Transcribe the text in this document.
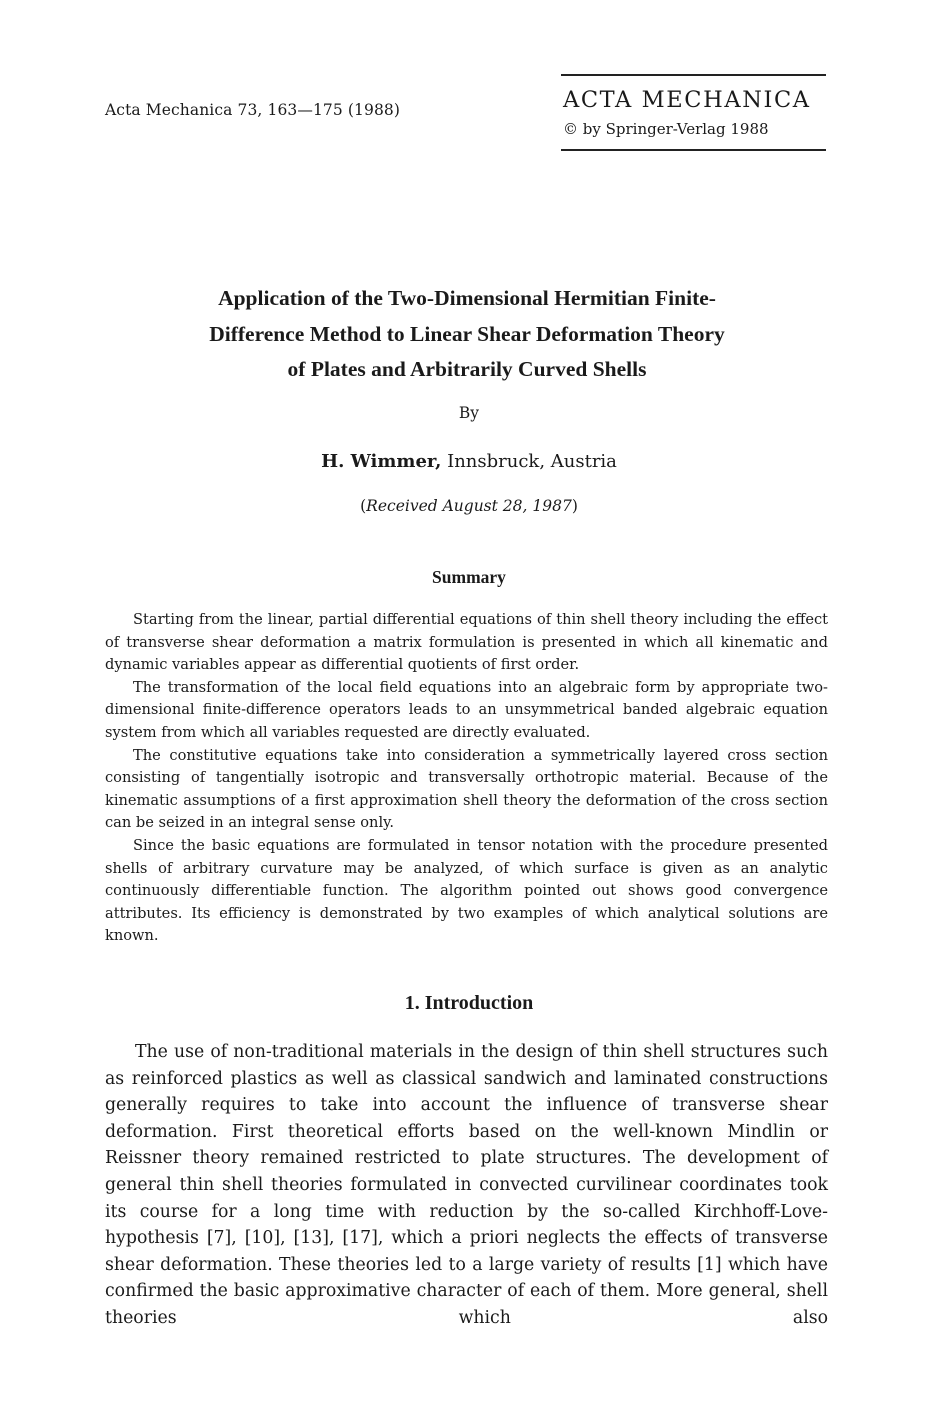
Acta Mechanica 73, 163—175 (1988)	ACTA MECHANICA
© by Springer-Verlag 1988
Application of the Two-Dimensional Hermitian Finite-
Difference Method to Linear Shear Deformation Theory
of Plates and Arbitrarily Curved Shells
By
H. Wimmer, Innsbruck, Austria
(Received August 28, 1987)
Summary

Starting from the linear, partial differential equations of thin shell theory including the effect of transverse shear deformation a matrix formulation is presented in which all kinematic and dynamic variables appear as differential quotients of first order.

The transformation of the local field equations into an algebraic form by appropriate two-dimensional finite-difference operators leads to an unsymmetrical banded algebraic equation system from which all variables requested are directly evaluated.

The constitutive equations take into consideration a symmetrically layered cross section consisting of tangentially isotropic and transversally orthotropic material. Because of the kinematic assumptions of a first approximation shell theory the deformation of the cross section can be seized in an integral sense only.

Since the basic equations are formulated in tensor notation with the procedure presented shells of arbitrary curvature may be analyzed, of which surface is given as an analytic continuously differentiable function. The algorithm pointed out shows good convergence attributes. Its efficiency is demonstrated by two examples of which analytical solutions are known.

1. Introduction

The use of non-traditional materials in the design of thin shell structures such as reinforced plastics as well as classical sandwich and laminated constructions generally requires to take into account the influence of transverse shear deformation. First theoretical efforts based on the well-known Mindlin or Reissner theory remained restricted to plate structures. The development of general thin shell theories formulated in convected curvilinear coordinates took its course for a long time with reduction by the so-called Kirchhoff-Love-hypothesis [7], [10], [13], [17], which a priori neglects the effects of transverse shear deformation. These theories led to a large variety of results [1] which have confirmed the basic approximative character of each of them. More general, shell theories which also
